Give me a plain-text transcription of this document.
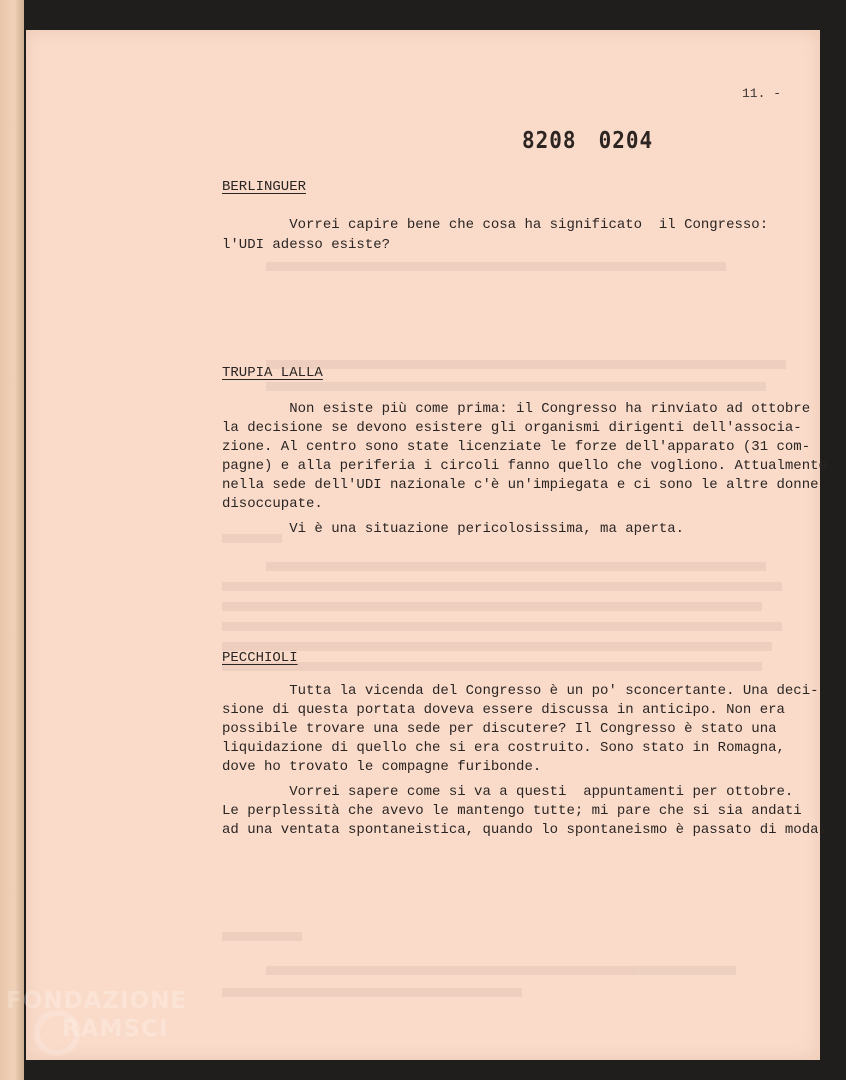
11. -
8208 0204
BERLINGUER
Vorrei capire bene che cosa ha significato  il Congresso:
l'UDI adesso esiste?
TRUPIA LALLA
Non esiste più come prima: il Congresso ha rinviato ad ottobre
la decisione se devono esistere gli organismi dirigenti dell'associa-
zione. Al centro sono state licenziate le forze dell'apparato (31 com-
pagne) e alla periferia i circoli fanno quello che vogliono. Attualmente
nella sede dell'UDI nazionale c'è un'impiegata e ci sono le altre donne
disoccupate.
Vi è una situazione pericolosissima, ma aperta.
PECCHIOLI
Tutta la vicenda del Congresso è un po' sconcertante. Una deci-
sione di questa portata doveva essere discussa in anticipo. Non era
possibile trovare una sede per discutere? Il Congresso è stato una
liquidazione di quello che si era costruito. Sono stato in Romagna,
dove ho trovato le compagne furibonde.
Vorrei sapere come si va a questi  appuntamenti per ottobre.
Le perplessità che avevo le mantengo tutte; mi pare che si sia andati
ad una ventata spontaneistica, quando lo spontaneismo è passato di moda.
FONDAZIONE
RAMSCI
